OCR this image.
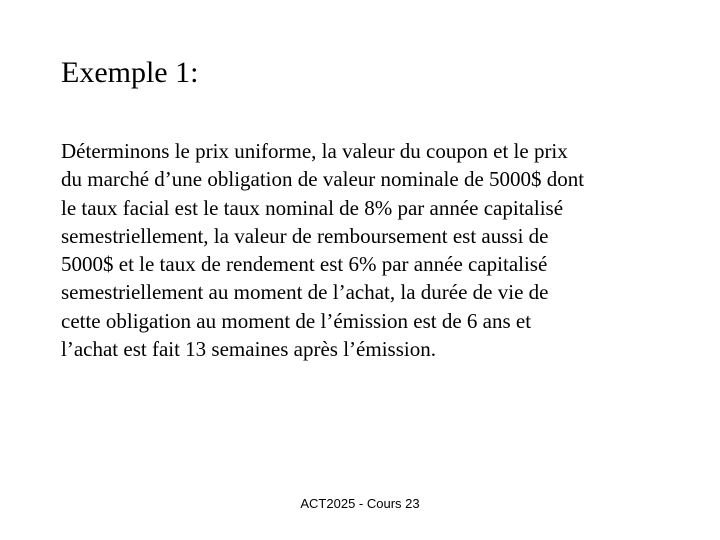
Exemple 1:
Déterminons le prix uniforme, la valeur du coupon et le prix
du marché d’une obligation de valeur nominale de 5000$ dont
le taux facial est le taux nominal de 8% par année capitalisé
semestriellement, la valeur de remboursement est aussi de
5000$ et le taux de rendement est 6% par année capitalisé
semestriellement au moment de l’achat, la durée de vie de
cette obligation au moment de l’émission est de 6 ans et
l’achat est fait 13 semaines après l’émission.
ACT2025 - Cours 23
